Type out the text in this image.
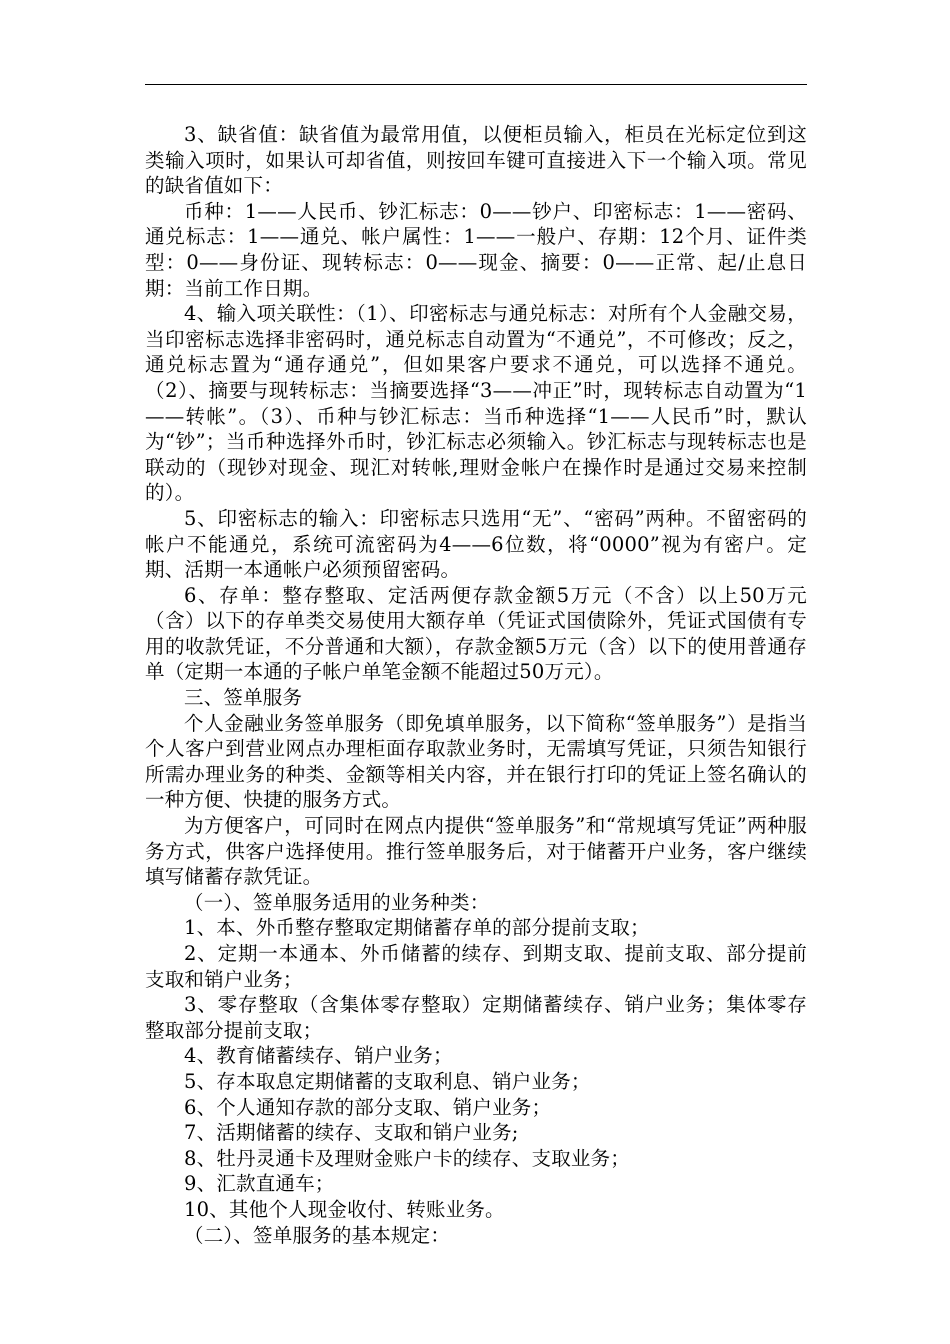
3、缺省值：缺省值为最常用值，以便柜员输入，柜员在光标定位到这类输入项时，如果认可却省值，则按回车键可直接进入下一个输入项。常见的缺省值如下：

币种：1——人民币、钞汇标志：0——钞户、印密标志：1——密码、通兑标志：1——通兑、帐户属性：1——一般户、存期：12个月、证件类型：0——身份证、现转标志：0——现金、摘要：0——正常、起/止息日期：当前工作日期。

4、输入项关联性：（1）、印密标志与通兑标志：对所有个人金融交易，当印密标志选择非密码时，通兑标志自动置为“不通兑”，不可修改；反之，通兑标志置为“通存通兑”，但如果客户要求不通兑，可以选择不通兑。（2）、摘要与现转标志：当摘要选择“3——冲正”时，现转标志自动置为“1——转帐”。（3）、币种与钞汇标志：当币种选择“1——人民币”时，默认为“钞”；当币种选择外币时，钞汇标志必须输入。钞汇标志与现转标志也是联动的（现钞对现金、现汇对转帐,理财金帐户在操作时是通过交易来控制的）。

5、印密标志的输入：印密标志只选用“无”、“密码”两种。不留密码的帐户不能通兑，系统可流密码为4——6位数，将“0000”视为有密户。定期、活期一本通帐户必须预留密码。

6、存单：整存整取、定活两便存款金额5万元（不含）以上50万元（含）以下的存单类交易使用大额存单（凭证式国债除外，凭证式国债有专用的收款凭证，不分普通和大额），存款金额5万元（含）以下的使用普通存单（定期一本通的子帐户单笔金额不能超过50万元）。

三、签单服务

个人金融业务签单服务（即免填单服务，以下简称“签单服务”）是指当个人客户到营业网点办理柜面存取款业务时，无需填写凭证，只须告知银行所需办理业务的种类、金额等相关内容，并在银行打印的凭证上签名确认的一种方便、快捷的服务方式。

为方便客户，可同时在网点内提供“签单服务”和“常规填写凭证”两种服务方式，供客户选择使用。推行签单服务后，对于储蓄开户业务，客户继续填写储蓄存款凭证。

（一）、签单服务适用的业务种类：

1、本、外币整存整取定期储蓄存单的部分提前支取；

2、定期一本通本、外币储蓄的续存、到期支取、提前支取、部分提前支取和销户业务；

3、零存整取（含集体零存整取）定期储蓄续存、销户业务；集体零存整取部分提前支取；

4、教育储蓄续存、销户业务；

5、存本取息定期储蓄的支取利息、销户业务；

6、个人通知存款的部分支取、销户业务；

7、活期储蓄的续存、支取和销户业务;

8、牡丹灵通卡及理财金账户卡的续存、支取业务；

9、汇款直通车；

10、其他个人现金收付、转账业务。

（二）、签单服务的基本规定：
